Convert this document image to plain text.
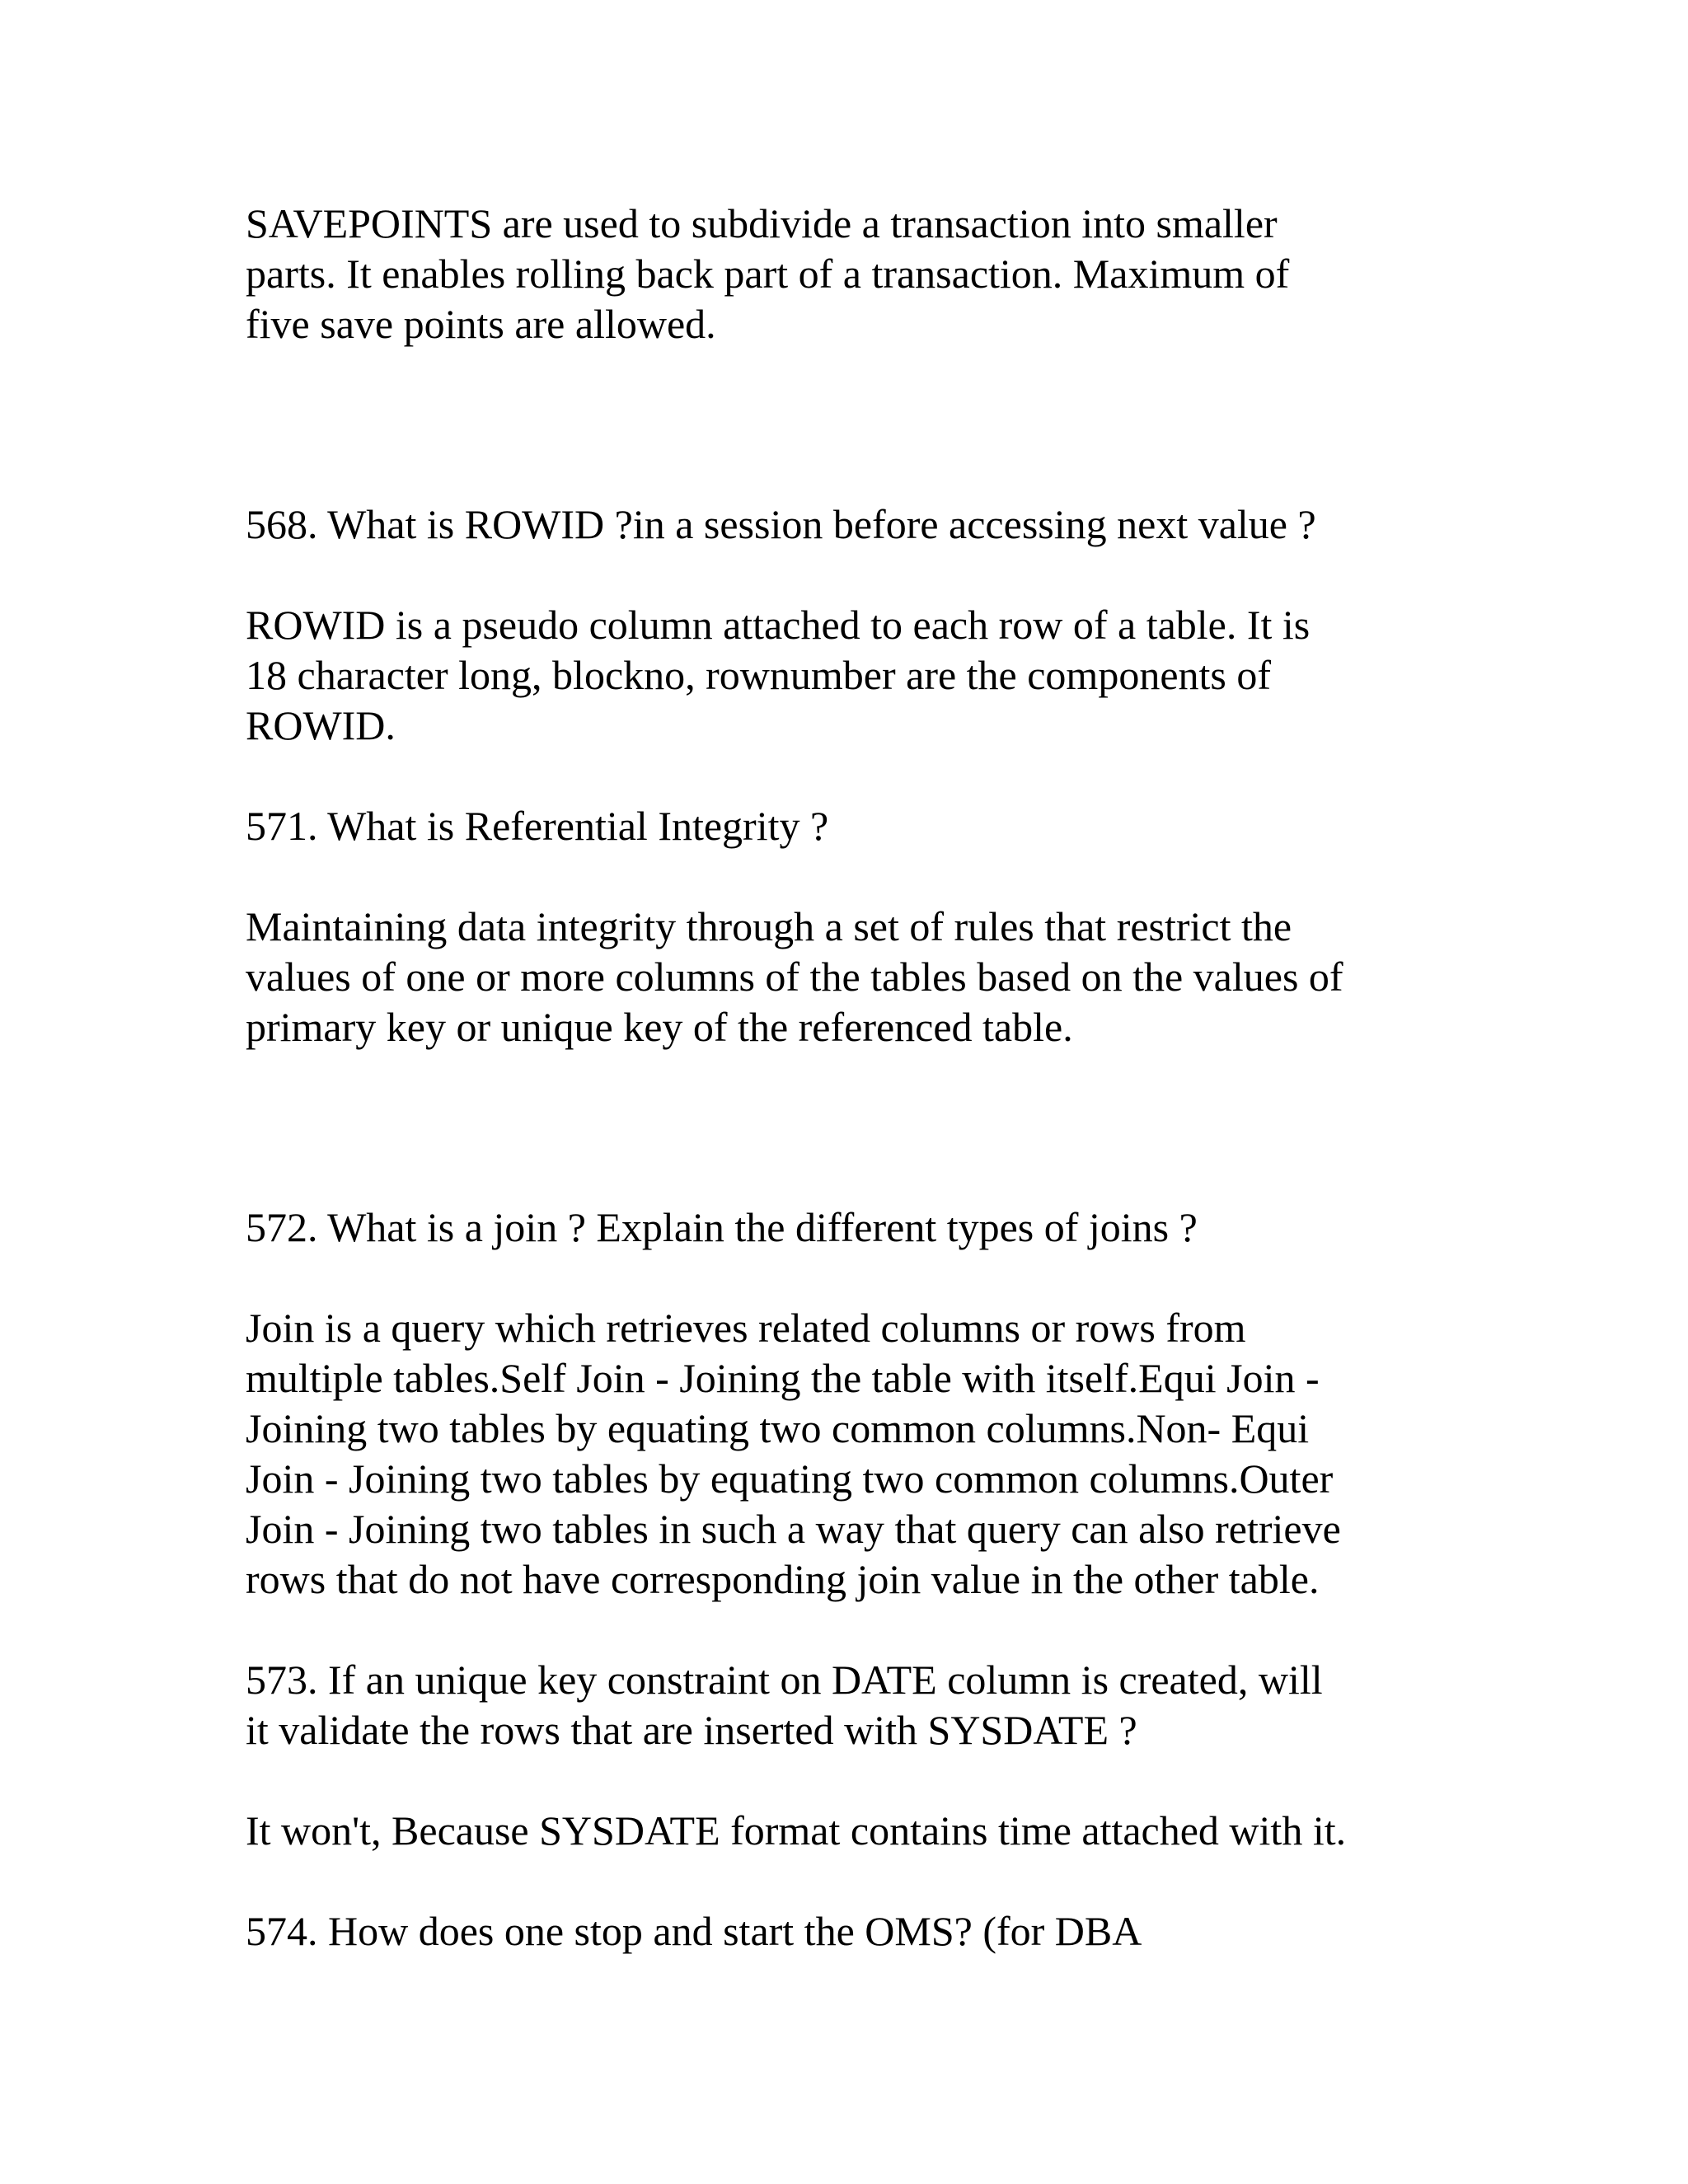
SAVEPOINTS are used to subdivide a transaction into smaller
parts. It enables rolling back part of a transaction. Maximum of
five save points are allowed.

568. What is ROWID ?in a session before accessing next value ?

ROWID is a pseudo column attached to each row of a table. It is
18 character long, blockno, rownumber are the components of
ROWID.

571. What is Referential Integrity ?

Maintaining data integrity through a set of rules that restrict the
values of one or more columns of the tables based on the values of
primary key or unique key of the referenced table.

572. What is a join ? Explain the different types of joins ?

Join is a query which retrieves related columns or rows from
multiple tables.Self Join - Joining the table with itself.Equi Join -
Joining two tables by equating two common columns.Non- Equi
Join - Joining two tables by equating two common columns.Outer
Join - Joining two tables in such a way that query can also retrieve
rows that do not have corresponding join value in the other table.

573. If an unique key constraint on DATE column is created, will
it validate the rows that are inserted with SYSDATE ?

It won't, Because SYSDATE format contains time attached with it.

574. How does one stop and start the OMS? (for DBA
